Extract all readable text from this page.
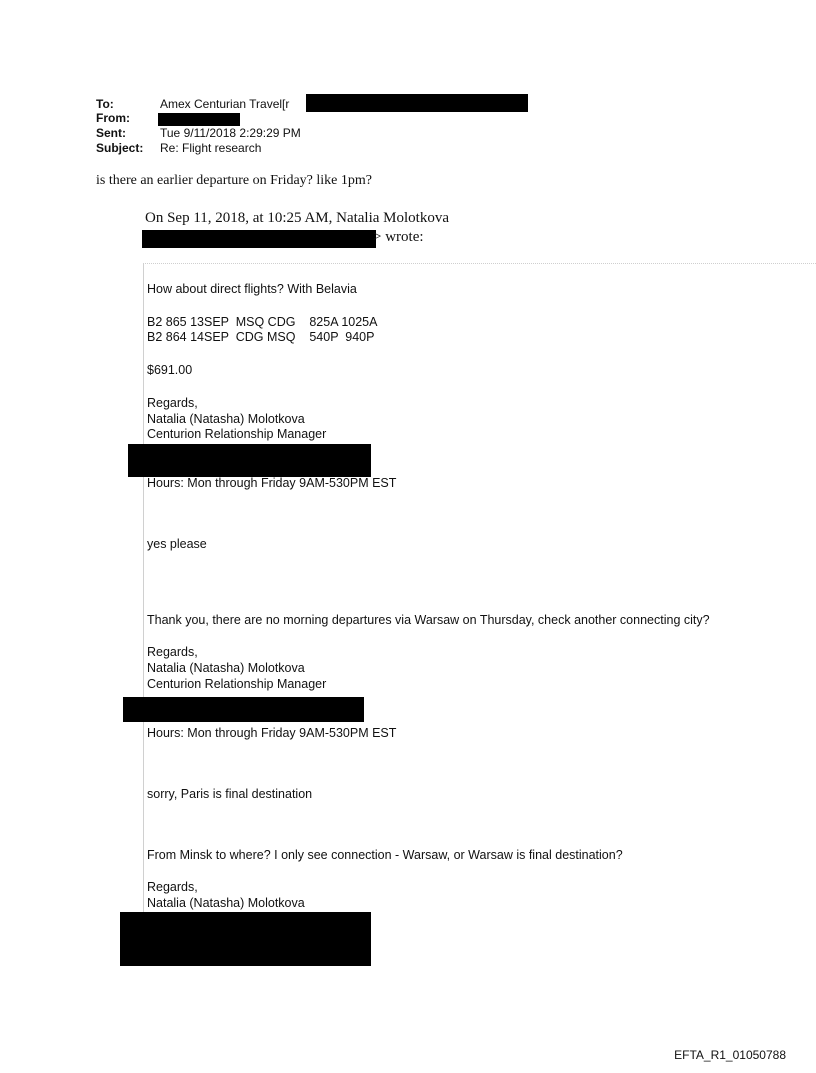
To:	Amex Centurian Travel[r
From:
Sent:	Tue 9/11/2018 2:29:29 PM
Subject: Re: Flight research
is there an earlier departure on Friday? like 1pm?
On Sep 11, 2018, at 10:25 AM, Natalia Molotkova
> wrote:
How about direct flights? With Belavia
B2 865 13SEP  MSQ CDG    825A 1025A
B2 864 14SEP  CDG MSQ    540P  940P
$691.00
Regards,
Natalia (Natasha) Molotkova
Centurion Relationship Manager
Hours: Mon through Friday 9AM-530PM EST
yes please
Thank you, there are no morning departures via Warsaw on Thursday, check another connecting city?
Regards,
Natalia (Natasha) Molotkova
Centurion Relationship Manager
Hours: Mon through Friday 9AM-530PM EST
sorry, Paris is final destination
From Minsk to where? I only see connection - Warsaw, or Warsaw is final destination?
Regards,
Natalia (Natasha) Molotkova
EFTA_R1_01050788
